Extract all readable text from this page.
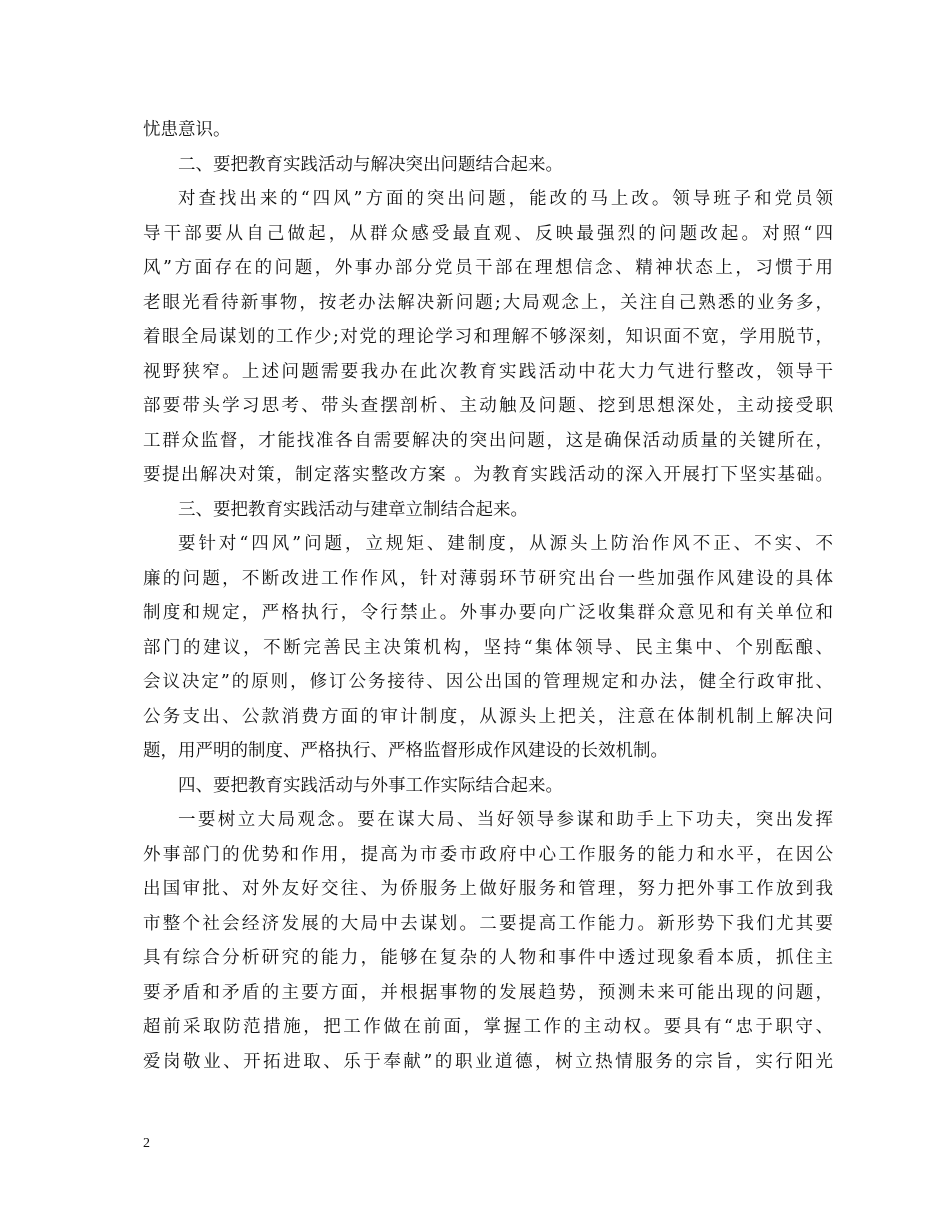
忧患意识。
二、要把教育实践活动与解决突出问题结合起来。
对查找出来的“四风”方面的突出问题，能改的马上改。领导班子和党员领
导干部要从自己做起，从群众感受最直观、反映最强烈的问题改起。对照“四
风”方面存在的问题，外事办部分党员干部在理想信念、精神状态上，习惯于用
老眼光看待新事物，按老办法解决新问题;大局观念上，关注自己熟悉的业务多，
着眼全局谋划的工作少;对党的理论学习和理解不够深刻，知识面不宽，学用脱节，
视野狭窄。上述问题需要我办在此次教育实践活动中花大力气进行整改，领导干
部要带头学习思考、带头查摆剖析、主动触及问题、挖到思想深处，主动接受职
工群众监督，才能找准各自需要解决的突出问题，这是确保活动质量的关键所在，
要提出解决对策，制定落实整改方案 。为教育实践活动的深入开展打下坚实基础。
三、要把教育实践活动与建章立制结合起来。
要针对“四风”问题，立规矩、建制度，从源头上防治作风不正、不实、不
廉的问题，不断改进工作作风，针对薄弱环节研究出台一些加强作风建设的具体
制度和规定，严格执行，令行禁止。外事办要向广泛收集群众意见和有关单位和
部门的建议，不断完善民主决策机构，坚持“集体领导、民主集中、个别酝酿、
会议决定”的原则，修订公务接待、因公出国的管理规定和办法，健全行政审批、
公务支出、公款消费方面的审计制度，从源头上把关，注意在体制机制上解决问
题，用严明的制度、严格执行、严格监督形成作风建设的长效机制。
四、要把教育实践活动与外事工作实际结合起来。
一要树立大局观念。要在谋大局、当好领导参谋和助手上下功夫，突出发挥
外事部门的优势和作用，提高为市委市政府中心工作服务的能力和水平，在因公
出国审批、对外友好交往、为侨服务上做好服务和管理，努力把外事工作放到我
市整个社会经济发展的大局中去谋划。二要提高工作能力。新形势下我们尤其要
具有综合分析研究的能力，能够在复杂的人物和事件中透过现象看本质，抓住主
要矛盾和矛盾的主要方面，并根据事物的发展趋势，预测未来可能出现的问题，
超前采取防范措施，把工作做在前面，掌握工作的主动权。要具有“忠于职守、
爱岗敬业、开拓进取、乐于奉献”的职业道德，树立热情服务的宗旨，实行阳光
2
